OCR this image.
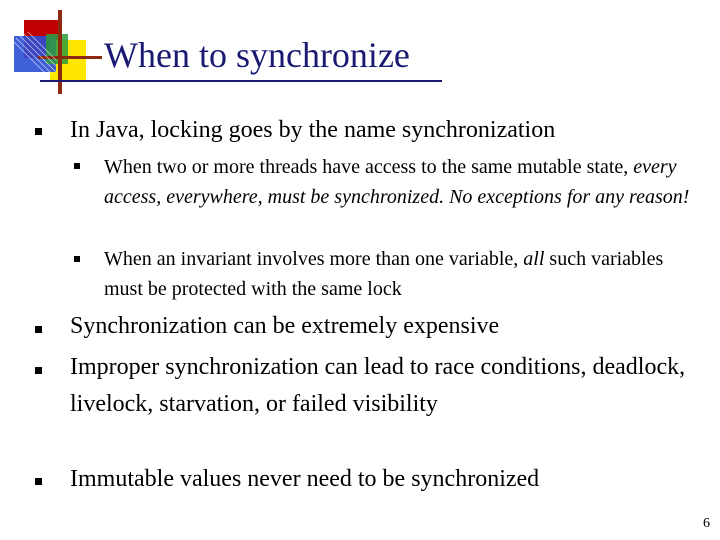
When to synchronize

In Java, locking goes by the name synchronization

When two or more threads have access to the same mutable state, every access, everywhere, must be synchronized. No exceptions for any reason!

When an invariant involves more than one variable, all such variables must be protected with the same lock

Synchronization can be extremely expensive

Improper synchronization can lead to race conditions, deadlock, livelock, starvation, or failed visibility

Immutable values never need to be synchronized

6
